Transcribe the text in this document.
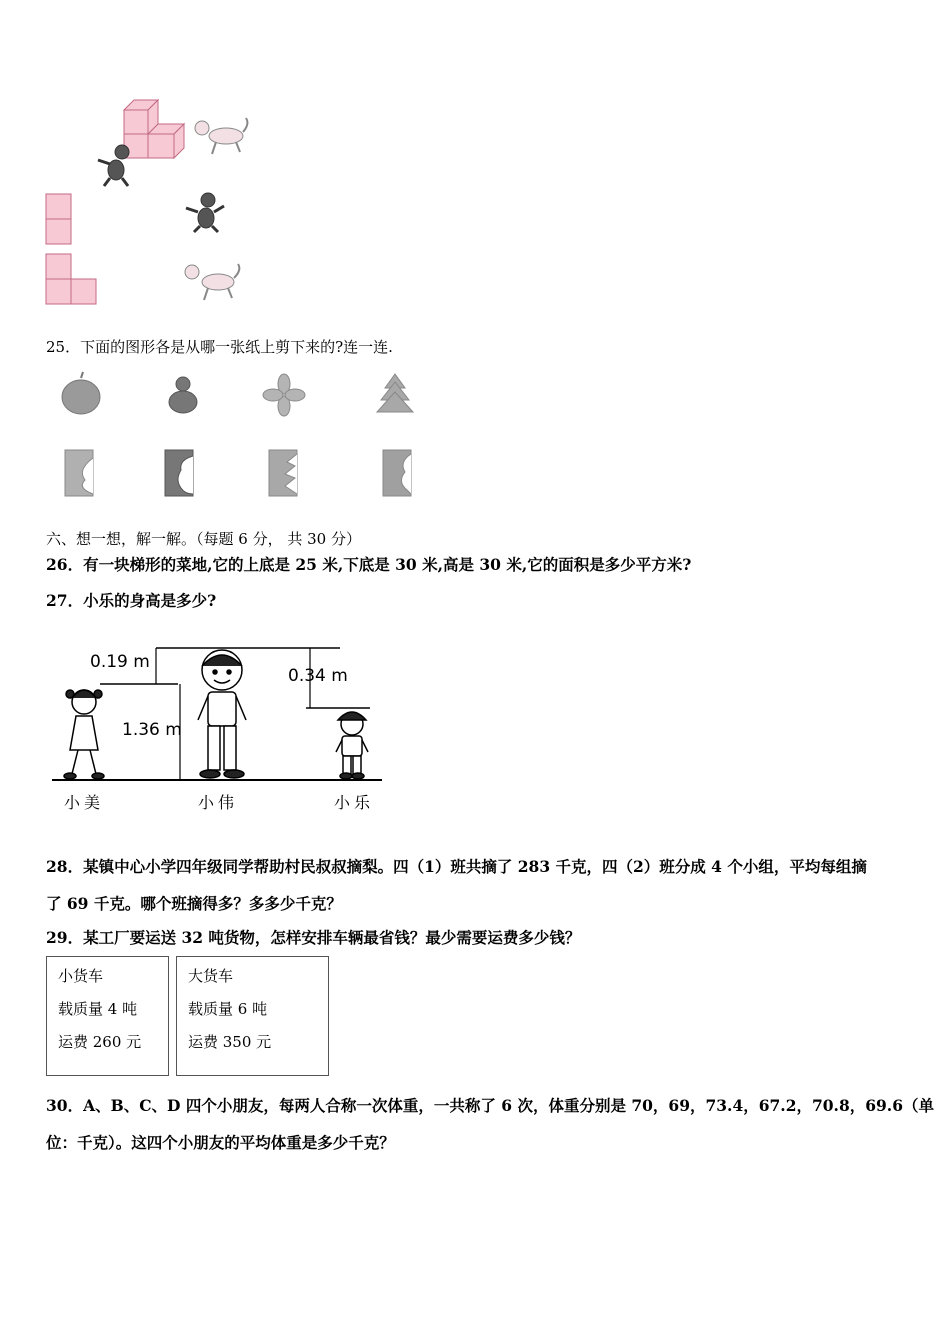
25．下面的图形各是从哪一张纸上剪下来的?连一连.
六、想一想，解一解。（每题 6 分， 共 30 分）
26．有一块梯形的菜地,它的上底是 25 米,下底是 30 米,高是 30 米,它的面积是多少平方米?
27．小乐的身高是多少?
0.19 m
1.36 m
0.34 m
小美	小伟	小乐
28．某镇中心小学四年级同学帮助村民叔叔摘梨。四（1）班共摘了 283 千克，四（2）班分成 4 个小组，平均每组摘
了 69 千克。哪个班摘得多？多多少千克？
29．某工厂要运送 32 吨货物，怎样安排车辆最省钱？最少需要运费多少钱？
小货车
载质量 4 吨
运费 260 元
大货车
载质量 6 吨
运费 350 元
30．A、B、C、D 四个小朋友，每两人合称一次体重，一共称了 6 次，体重分别是 70，69，73.4，67.2，70.8，69.6（单
位：千克）。这四个小朋友的平均体重是多少千克？
